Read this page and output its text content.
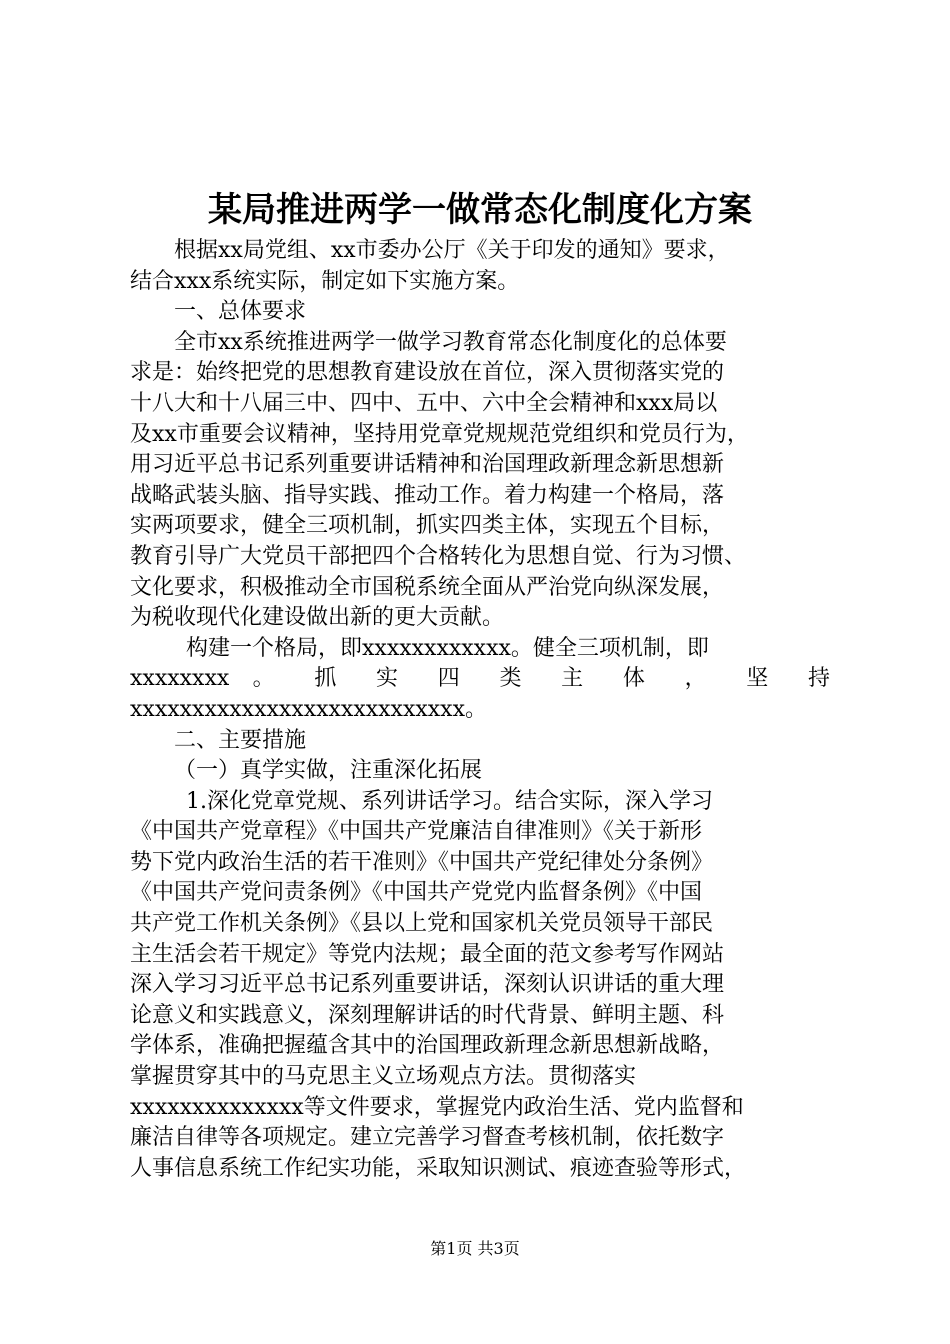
某局推进两学一做常态化制度化方案

根据xx局党组、xx市委办公厅《关于印发的通知》要求，

结合xxx系统实际，制定如下实施方案。

一、总体要求

全市xx系统推进两学一做学习教育常态化制度化的总体要

求是：始终把党的思想教育建设放在首位，深入贯彻落实党的

十八大和十八届三中、四中、五中、六中全会精神和xxx局以

及xx市重要会议精神，坚持用党章党规规范党组织和党员行为，

用习近平总书记系列重要讲话精神和治国理政新理念新思想新

战略武装头脑、指导实践、推动工作。着力构建一个格局，落

实两项要求，健全三项机制，抓实四类主体，实现五个目标，

教育引导广大党员干部把四个合格转化为思想自觉、行为习惯、

文化要求，积极推动全市国税系统全面从严治党向纵深发展，

为税收现代化建设做出新的更大贡献。

构建一个格局，即xxxxxxxxxxxx。健全三项机制，即

xxxxxxxx 。 抓 实 四 类 主 体 ， 坚 持

xxxxxxxxxxxxxxxxxxxxxxxxxxx。

二、主要措施

（一）真学实做，注重深化拓展

1.深化党章党规、系列讲话学习。结合实际，深入学习

《中国共产党章程》《中国共产党廉洁自律准则》《关于新形

势下党内政治生活的若干准则》《中国共产党纪律处分条例》

《中国共产党问责条例》《中国共产党党内监督条例》《中国

共产党工作机关条例》《县以上党和国家机关党员领导干部民

主生活会若干规定》等党内法规；最全面的范文参考写作网站

深入学习习近平总书记系列重要讲话，深刻认识讲话的重大理

论意义和实践意义，深刻理解讲话的时代背景、鲜明主题、科

学体系，准确把握蕴含其中的治国理政新理念新思想新战略，

掌握贯穿其中的马克思主义立场观点方法。贯彻落实

xxxxxxxxxxxxxx等文件要求，掌握党内政治生活、党内监督和

廉洁自律等各项规定。建立完善学习督查考核机制，依托数字

人事信息系统工作纪实功能，采取知识测试、痕迹查验等形式，

第1页 共3页
